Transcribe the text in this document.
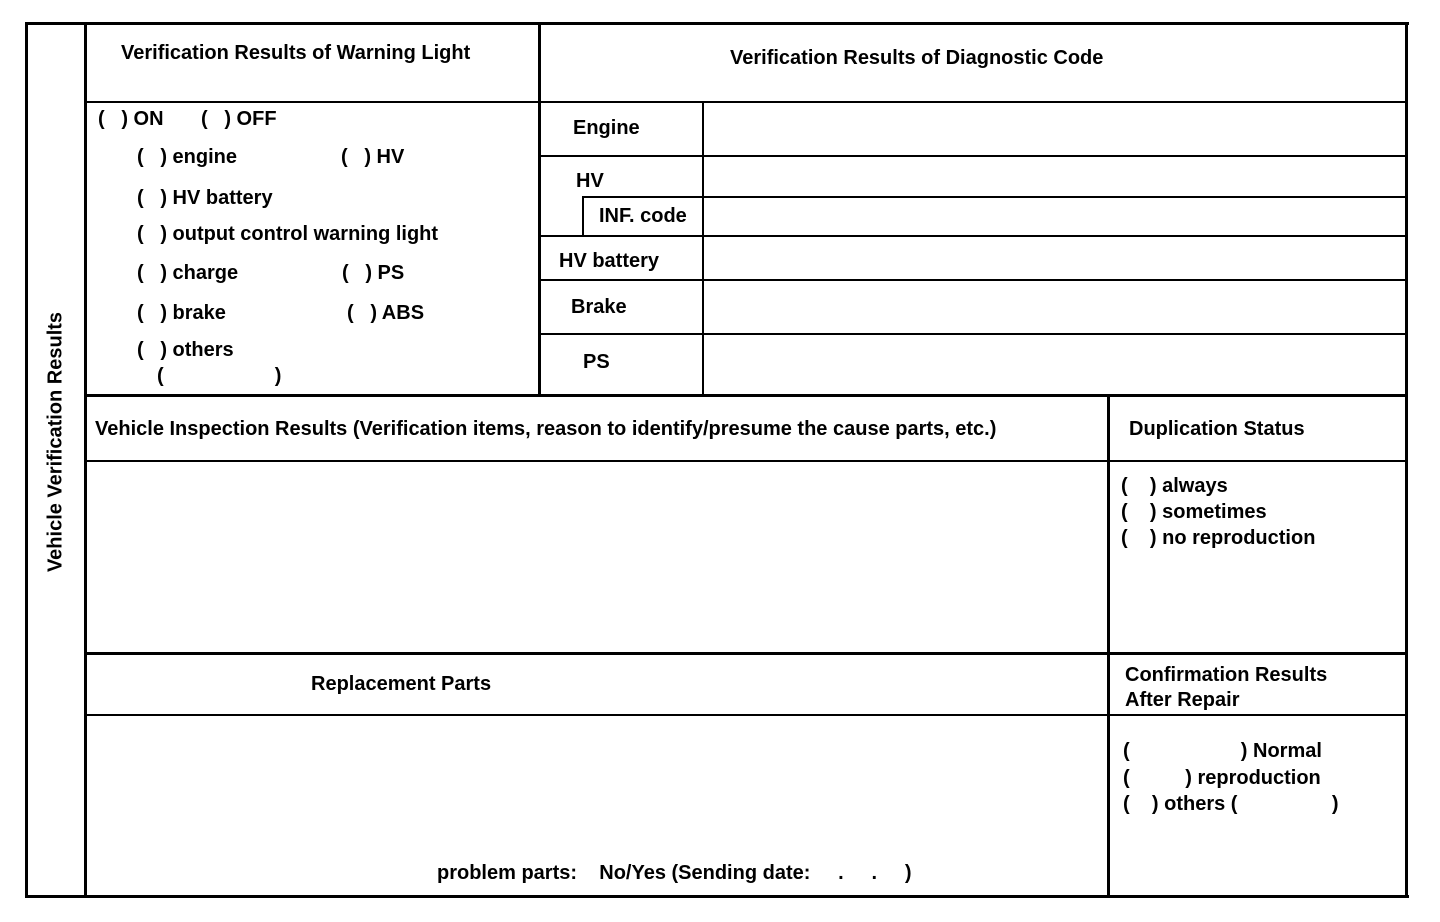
Vehicle Verification Results
Verification Results of Warning Light
(   ) ON (   ) OFF
(   ) engine	(   ) HV
(   ) HV battery
(   ) output control warning light
(   ) charge	(   ) PS
(   ) brake	(   ) ABS
(   ) others
(                    )
Verification Results of Diagnostic Code
Engine
HV
INF. code
HV battery
Brake
PS
Vehicle Inspection Results (Verification items, reason to identify/presume the cause parts, etc.)	Duplication Status
(    ) always
(    ) sometimes
(    ) no reproduction
Replacement Parts
problem parts:    No/Yes (Sending date:     .     .     )
Confirmation Results
After Repair
(                    ) Normal
(          ) reproduction
(    ) others (                 )
